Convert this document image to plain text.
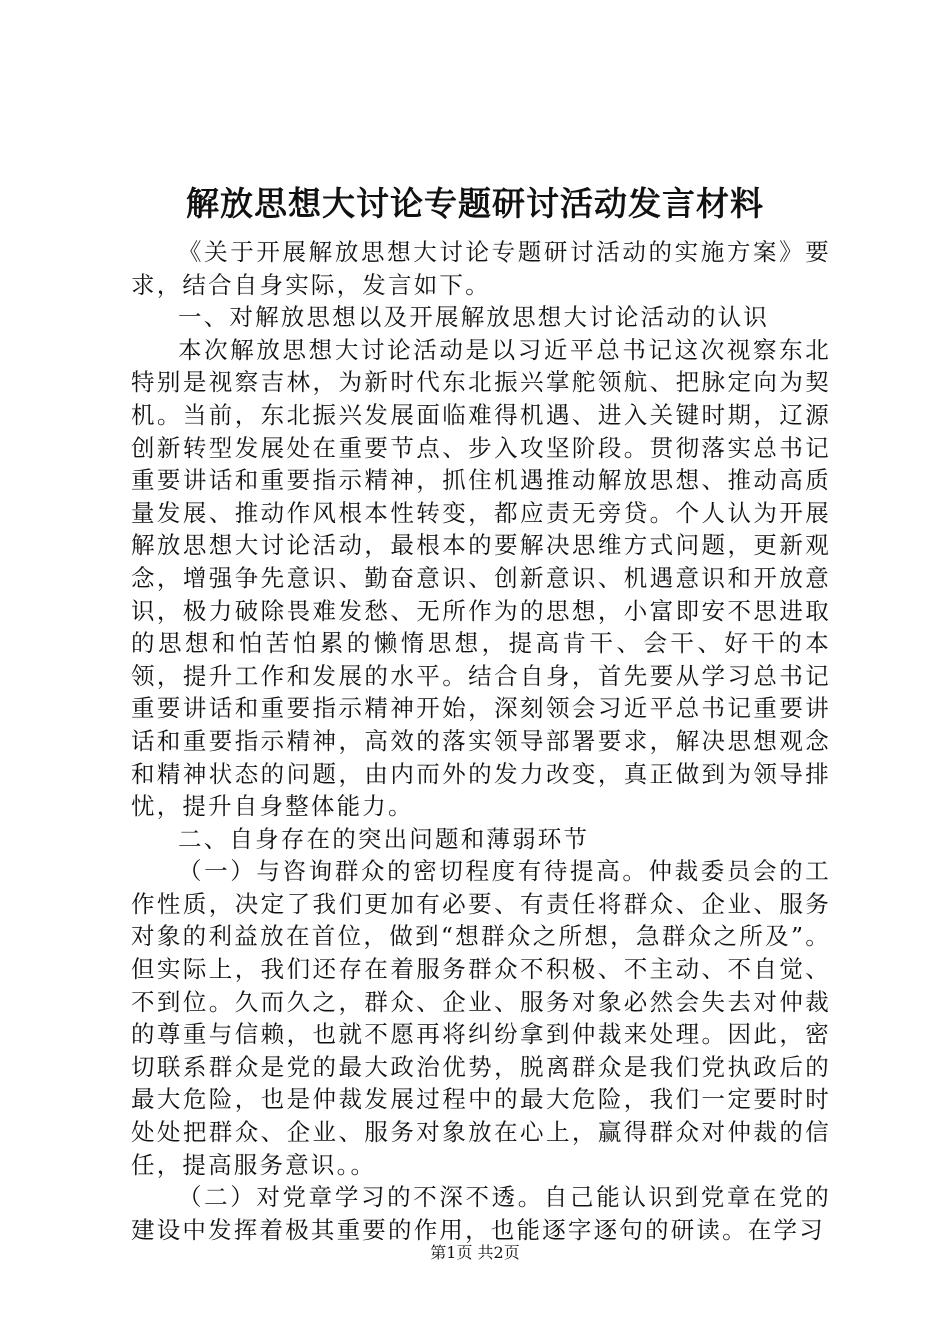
解放思想大讨论专题研讨活动发言材料

《关于开展解放思想大讨论专题研讨活动的实施方案》要求，结合自身实际，发言如下。

一、对解放思想以及开展解放思想大讨论活动的认识

本次解放思想大讨论活动是以习近平总书记这次视察东北特别是视察吉林，为新时代东北振兴掌舵领航、把脉定向为契机。当前，东北振兴发展面临难得机遇、进入关键时期，辽源创新转型发展处在重要节点、步入攻坚阶段。贯彻落实总书记重要讲话和重要指示精神，抓住机遇推动解放思想、推动高质量发展、推动作风根本性转变，都应责无旁贷。个人认为开展解放思想大讨论活动，最根本的要解决思维方式问题，更新观念，增强争先意识、勤奋意识、创新意识、机遇意识和开放意识，极力破除畏难发愁、无所作为的思想，小富即安不思进取的思想和怕苦怕累的懒惰思想，提高肯干、会干、好干的本领，提升工作和发展的水平。结合自身，首先要从学习总书记重要讲话和重要指示精神开始，深刻领会习近平总书记重要讲话和重要指示精神，高效的落实领导部署要求，解决思想观念和精神状态的问题，由内而外的发力改变，真正做到为领导排忧，提升自身整体能力。

二、自身存在的突出问题和薄弱环节

（一）与咨询群众的密切程度有待提高。仲裁委员会的工作性质，决定了我们更加有必要、有责任将群众、企业、服务对象的利益放在首位，做到“想群众之所想，急群众之所及”。但实际上，我们还存在着服务群众不积极、不主动、不自觉、不到位。久而久之，群众、企业、服务对象必然会失去对仲裁的尊重与信赖，也就不愿再将纠纷拿到仲裁来处理。因此，密切联系群众是党的最大政治优势，脱离群众是我们党执政后的最大危险，也是仲裁发展过程中的最大危险，我们一定要时时处处把群众、企业、服务对象放在心上，赢得群众对仲裁的信任，提高服务意识。。

（二）对党章学习的不深不透。自己能认识到党章在党的建设中发挥着极其重要的作用，也能逐字逐句的研读。在学习

第1页 共2页
